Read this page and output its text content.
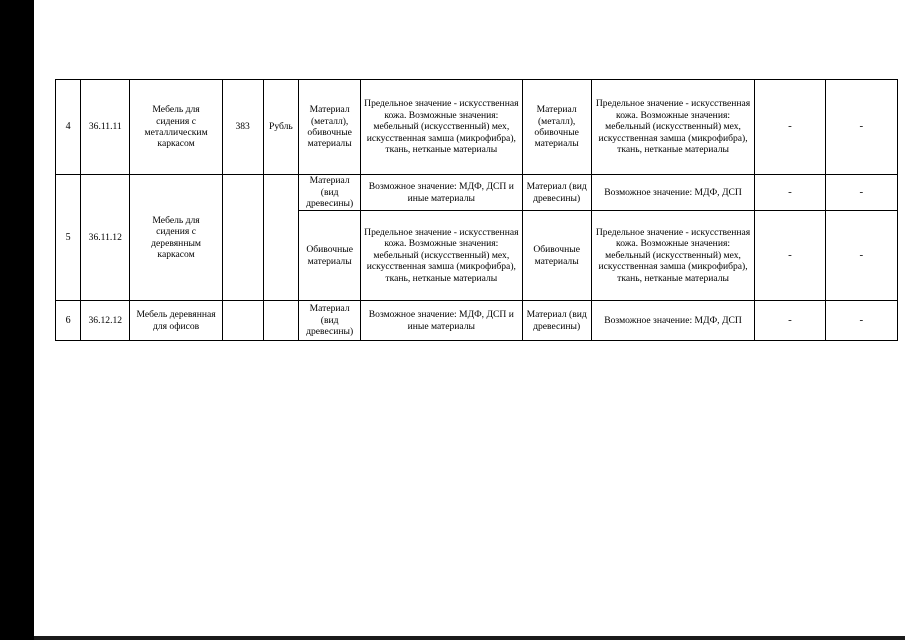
4	36.11.11	Мебель для сидения с металлическим каркасом	383	Рубль	Материал (металл), обивочные материалы	Предельное значение - искусственная кожа. Возможные значения: мебельный (искусственный) мех, искусственная замша (микрофибра), ткань, нетканые материалы	Материал (металл), обивочные материалы	Предельное значение - искусственная кожа. Возможные значения: мебельный (искусственный) мех, искусственная замша (микрофибра), ткань, нетканые материалы	-	-
5	36.11.12	Мебель для сидения с деревянным каркасом			Материал (вид древесины)	Возможное значение: МДФ, ДСП и иные материалы	Материал (вид древесины)	Возможное значение: МДФ, ДСП	-	-
					Обивочные материалы	Предельное значение - искусственная кожа. Возможные значения: мебельный (искусственный) мех, искусственная замша (микрофибра), ткань, нетканые материалы	Обивочные материалы	Предельное значение - искусственная кожа. Возможные значения: мебельный (искусственный) мех, искусственная замша (микрофибра), ткань, нетканые материалы	-	-
6	36.12.12	Мебель деревянная для офисов			Материал (вид древесины)	Возможное значение: МДФ, ДСП и иные материалы	Материал (вид древесины)	Возможное значение: МДФ, ДСП	-	-
